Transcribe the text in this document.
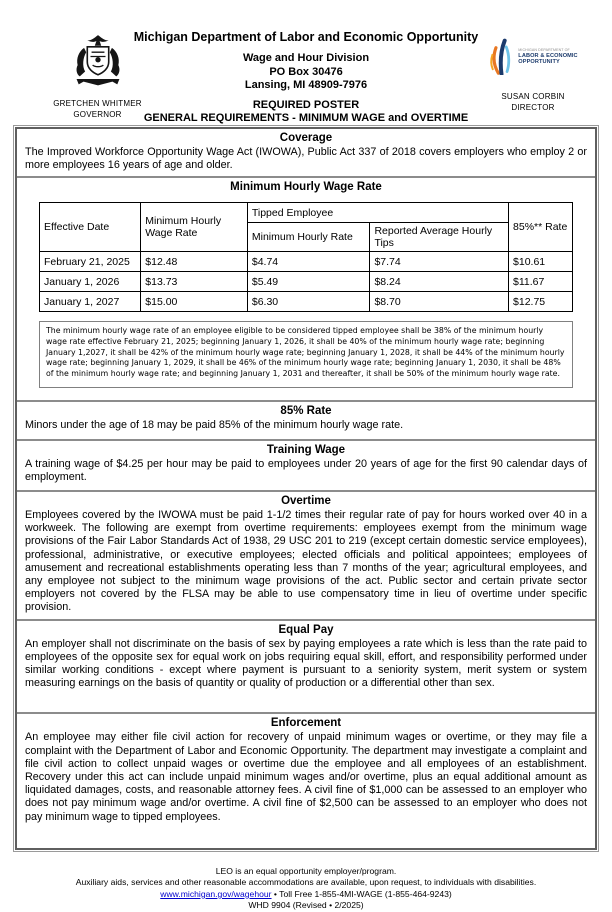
GRETCHEN WHITMER
GOVERNOR
Michigan Department of Labor and Economic Opportunity
Wage and Hour Division
PO Box 30476
Lansing, MI 48909-7976
REQUIRED POSTER
GENERAL REQUIREMENTS - MINIMUM WAGE and OVERTIME
MICHIGAN DEPARTMENT OF
LABOR & ECONOMIC
OPPORTUNITY
SUSAN CORBIN
DIRECTOR
Coverage
The Improved Workforce Opportunity Wage Act (IWOWA), Public Act 337 of 2018 covers employers who employ 2 or more employees 16 years of age and older.
Minimum Hourly Wage Rate
Effective Date	Minimum Hourly Wage Rate	Tipped Employee		85%** Rate
		Minimum Hourly Rate	Reported Average Hourly Tips	
February 21, 2025	$12.48	$4.74	$7.74	$10.61
January 1, 2026	$13.73	$5.49	$8.24	$11.67
January 1, 2027	$15.00	$6.30	$8.70	$12.75
The minimum hourly wage rate of an employee eligible to be considered tipped employee shall be 38% of the minimum hourly wage rate effective February 21, 2025; beginning January 1, 2026, it shall be 40% of the minimum hourly wage rate; beginning January 1,2027, it shall be 42% of the minimum hourly wage rate; beginning January 1, 2028, it shall be 44% of the minimum hourly wage rate; beginning January 1, 2029, it shall be 46% of the minimum hourly wage rate; beginning January 1, 2030, it shall be 48% of the minimum hourly wage rate; and beginning January 1, 2031 and thereafter, it shall be 50% of the minimum hourly wage rate.
85% Rate
Minors under the age of 18 may be paid 85% of the minimum hourly wage rate.
Training Wage
A training wage of $4.25 per hour may be paid to employees under 20 years of age for the first 90 calendar days of employment.
Overtime
Employees covered by the IWOWA must be paid 1-1/2 times their regular rate of pay for hours worked over 40 in a workweek. The following are exempt from overtime requirements: employees exempt from the minimum wage provisions of the Fair Labor Standards Act of 1938, 29 USC 201 to 219 (except certain domestic service employees), professional, administrative, or executive employees; elected officials and political appointees; employees of amusement and recreational establishments operating less than 7 months of the year; agricultural employees, and any employee not subject to the minimum wage provisions of the act. Public sector and certain private sector employers not covered by the FLSA may be able to use compensatory time in lieu of overtime under specific provision.
Equal Pay
An employer shall not discriminate on the basis of sex by paying employees a rate which is less than the rate paid to employees of the opposite sex for equal work on jobs requiring equal skill, effort, and responsibility performed under similar working conditions - except where payment is pursuant to a seniority system, merit system or system measuring earnings on the basis of quantity or quality of production or a differential other than sex.
Enforcement
An employee may either file civil action for recovery of unpaid minimum wages or overtime, or they may file a complaint with the Department of Labor and Economic Opportunity. The department may investigate a complaint and file civil action to collect unpaid wages or overtime due the employee and all employees of an establishment. Recovery under this act can include unpaid minimum wages and/or overtime, plus an equal additional amount as liquidated damages, costs, and reasonable attorney fees. A civil fine of $1,000 can be assessed to an employer who does not pay minimum wage and/or overtime. A civil fine of $2,500 can be assessed to an employer who does not pay minimum wage to tipped employees.
LEO is an equal opportunity employer/program.
Auxiliary aids, services and other reasonable accommodations are available, upon request, to individuals with disabilities.
www.michigan.gov/wagehour • Toll Free 1-855-4MI-WAGE (1-855-464-9243)
WHD 9904 (Revised • 2/2025)
